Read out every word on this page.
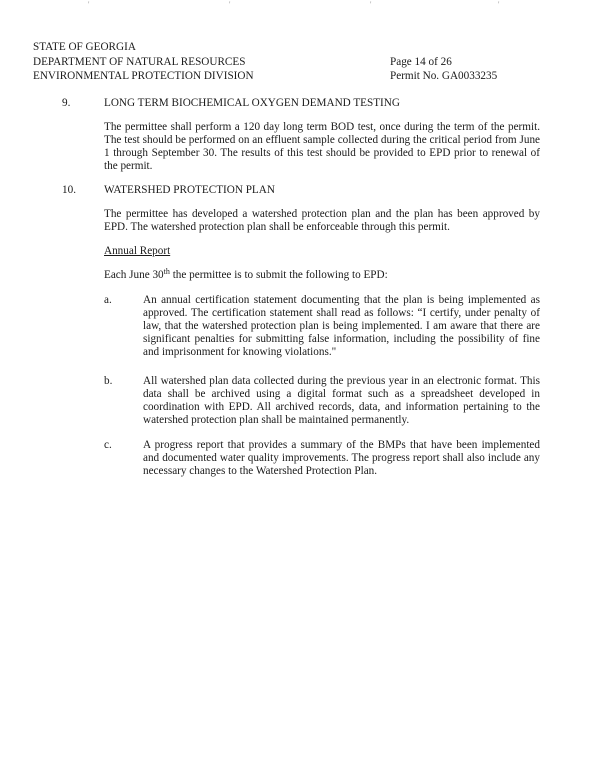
'	'	'	'
STATE OF GEORGIA
DEPARTMENT OF NATURAL RESOURCES
ENVIRONMENTAL PROTECTION DIVISION
Page 14 of 26
Permit No. GA0033235
9.	LONG TERM BIOCHEMICAL OXYGEN DEMAND TESTING

The permittee shall perform a 120 day long term BOD test, once during the term of the permit. The test should be performed on an effluent sample collected during the critical period from June 1 through September 30. The results of this test should be provided to EPD prior to renewal of the permit.

10.	WATERSHED PROTECTION PLAN

The permittee has developed a watershed protection plan and the plan has been approved by EPD. The watershed protection plan shall be enforceable through this permit.

Annual Report
Each June 30th the permittee is to submit the following to EPD:
a.	An annual certification statement documenting that the plan is being implemented as approved. The certification statement shall read as follows: “I certify, under penalty of law, that the watershed protection plan is being implemented. I am aware that there are significant penalties for submitting false information, including the possibility of fine and imprisonment for knowing violations."
b.	All watershed plan data collected during the previous year in an electronic format. This data shall be archived using a digital format such as a spreadsheet developed in coordination with EPD. All archived records, data, and information pertaining to the watershed protection plan shall be maintained permanently.
c.	A progress report that provides a summary of the BMPs that have been implemented and documented water quality improvements. The progress report shall also include any necessary changes to the Watershed Protection Plan.
